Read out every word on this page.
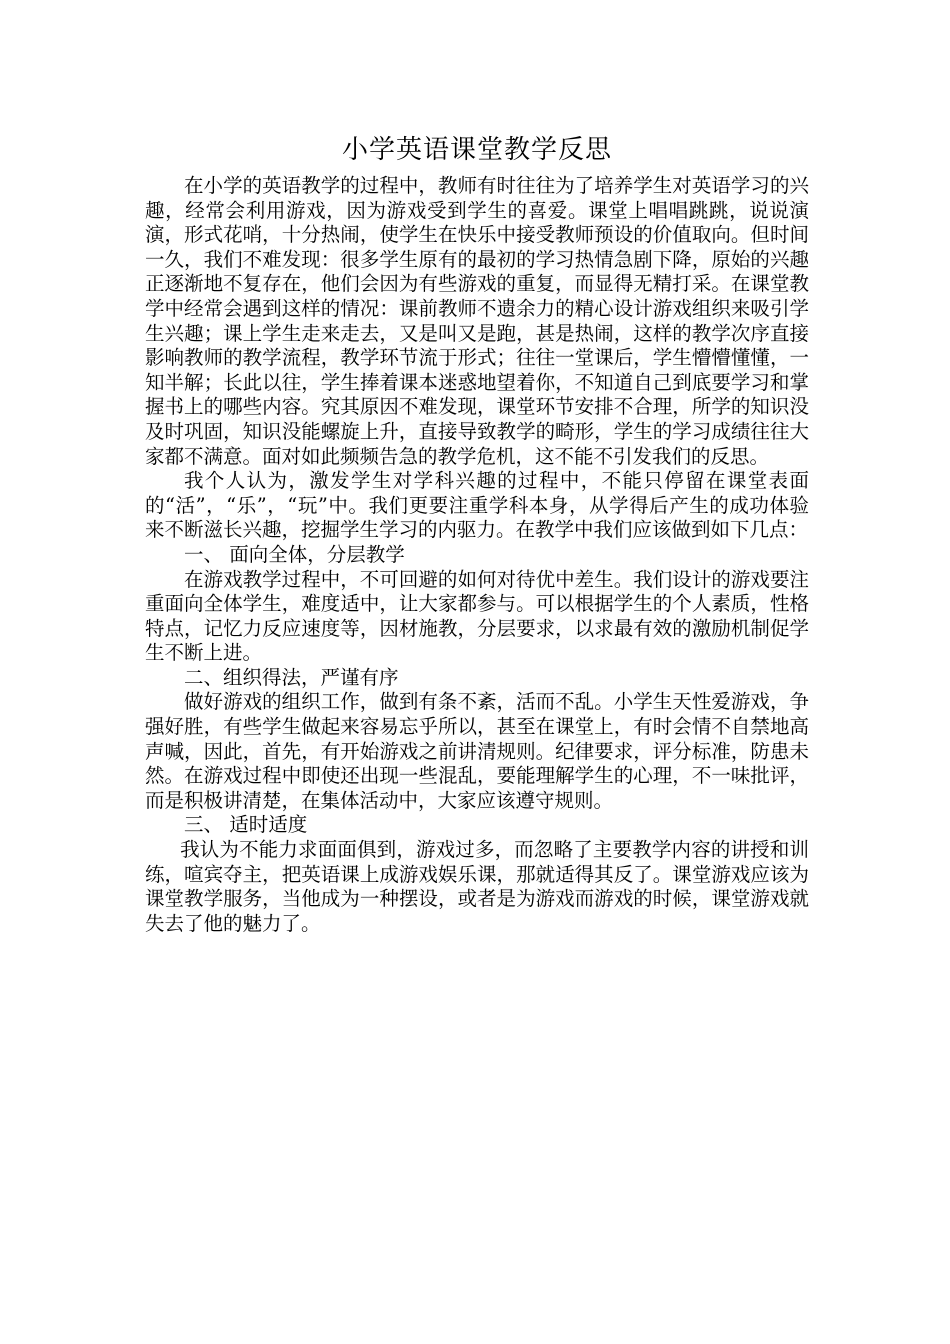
小学英语课堂教学反思

在小学的英语教学的过程中，教师有时往往为了培养学生对英语学习的兴趣，经常会利用游戏，因为游戏受到学生的喜爱。课堂上唱唱跳跳，说说演演，形式花哨，十分热闹，使学生在快乐中接受教师预设的价值取向。但时间一久，我们不难发现：很多学生原有的最初的学习热情急剧下降，原始的兴趣正逐渐地不复存在，他们会因为有些游戏的重复，而显得无精打采。在课堂教学中经常会遇到这样的情况：课前教师不遗余力的精心设计游戏组织来吸引学生兴趣；课上学生走来走去，又是叫又是跑，甚是热闹，这样的教学次序直接影响教师的教学流程，教学环节流于形式；往往一堂课后，学生懵懵懂懂，一知半解；长此以往，学生捧着课本迷惑地望着你，不知道自己到底要学习和掌握书上的哪些内容。究其原因不难发现，课堂环节安排不合理，所学的知识没及时巩固，知识没能螺旋上升，直接导致教学的畸形，学生的学习成绩往往大家都不满意。面对如此频频告急的教学危机，这不能不引发我们的反思。

我个人认为，激发学生对学科兴趣的过程中，不能只停留在课堂表面的“活”，“乐”，“玩”中。我们更要注重学科本身，从学得后产生的成功体验来不断滋长兴趣，挖掘学生学习的内驱力。在教学中我们应该做到如下几点：

一、 面向全体，分层教学

在游戏教学过程中，不可回避的如何对待优中差生。我们设计的游戏要注重面向全体学生，难度适中，让大家都参与。可以根据学生的个人素质，性格特点，记忆力反应速度等，因材施教，分层要求，以求最有效的激励机制促学生不断上进。

二、组织得法，严谨有序

做好游戏的组织工作，做到有条不紊，活而不乱。小学生天性爱游戏，争强好胜，有些学生做起来容易忘乎所以，甚至在课堂上，有时会情不自禁地高声喊，因此，首先，有开始游戏之前讲清规则。纪律要求，评分标准，防患未然。在游戏过程中即使还出现一些混乱，要能理解学生的心理，不一味批评，而是积极讲清楚，在集体活动中，大家应该遵守规则。

三、 适时适度

我认为不能力求面面俱到，游戏过多，而忽略了主要教学内容的讲授和训练，喧宾夺主，把英语课上成游戏娱乐课，那就适得其反了。课堂游戏应该为课堂教学服务，当他成为一种摆设，或者是为游戏而游戏的时候，课堂游戏就失去了他的魅力了。
